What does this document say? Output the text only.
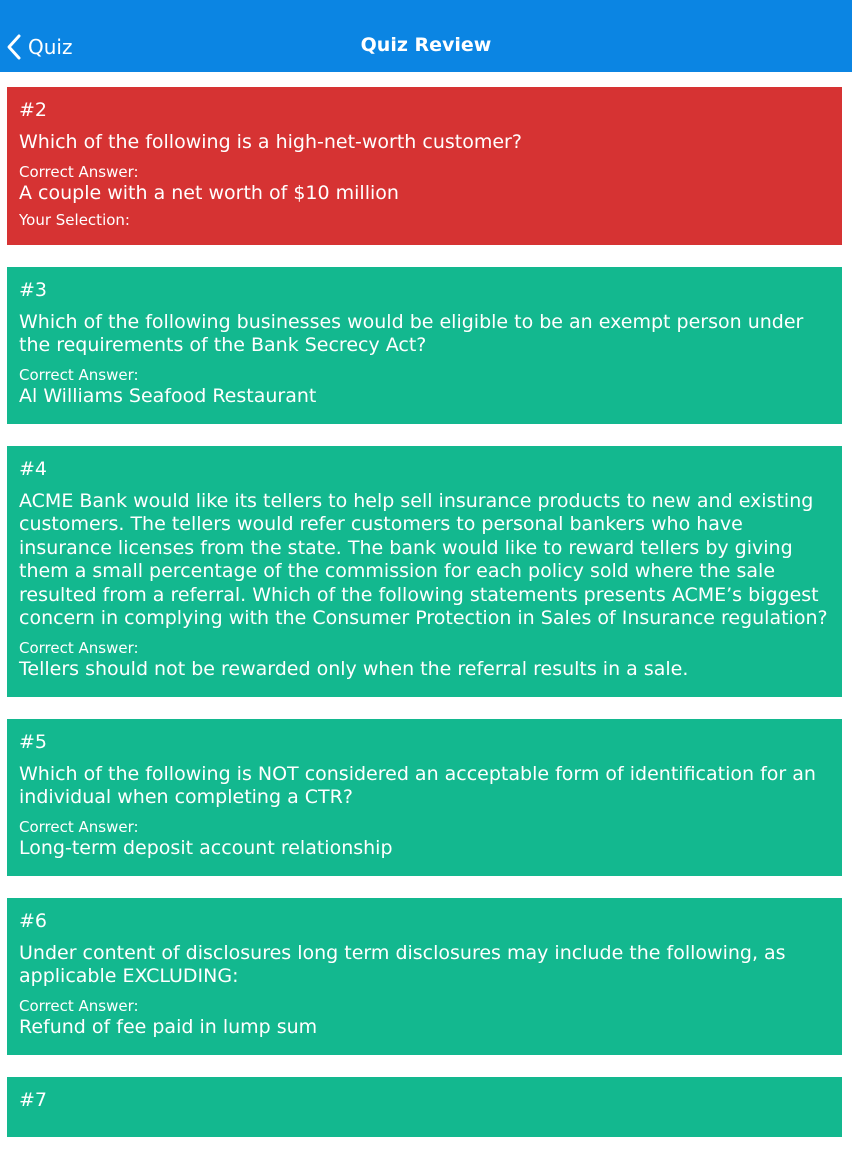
Quiz	Quiz Review
#2
Which of the following is a high-net-worth customer?
Correct Answer:
A couple with a net worth of $10 million
Your Selection:
#3
Which of the following businesses would be eligible to be an exempt person under the requirements of the Bank Secrecy Act?
Correct Answer:
Al Williams Seafood Restaurant
#4
ACME Bank would like its tellers to help sell insurance products to new and existing customers. The tellers would refer customers to personal bankers who have insurance licenses from the state. The bank would like to reward tellers by giving them a small percentage of the commission for each policy sold where the sale resulted from a referral. Which of the following statements presents ACME’s biggest concern in complying with the Consumer Protection in Sales of Insurance regulation?
Correct Answer:
Tellers should not be rewarded only when the referral results in a sale.
#5
Which of the following is NOT considered an acceptable form of identification for an individual when completing a CTR?
Correct Answer:
Long-term deposit account relationship
#6
Under content of disclosures long term disclosures may include the following, as applicable EXCLUDING:
Correct Answer:
Refund of fee paid in lump sum
#7
